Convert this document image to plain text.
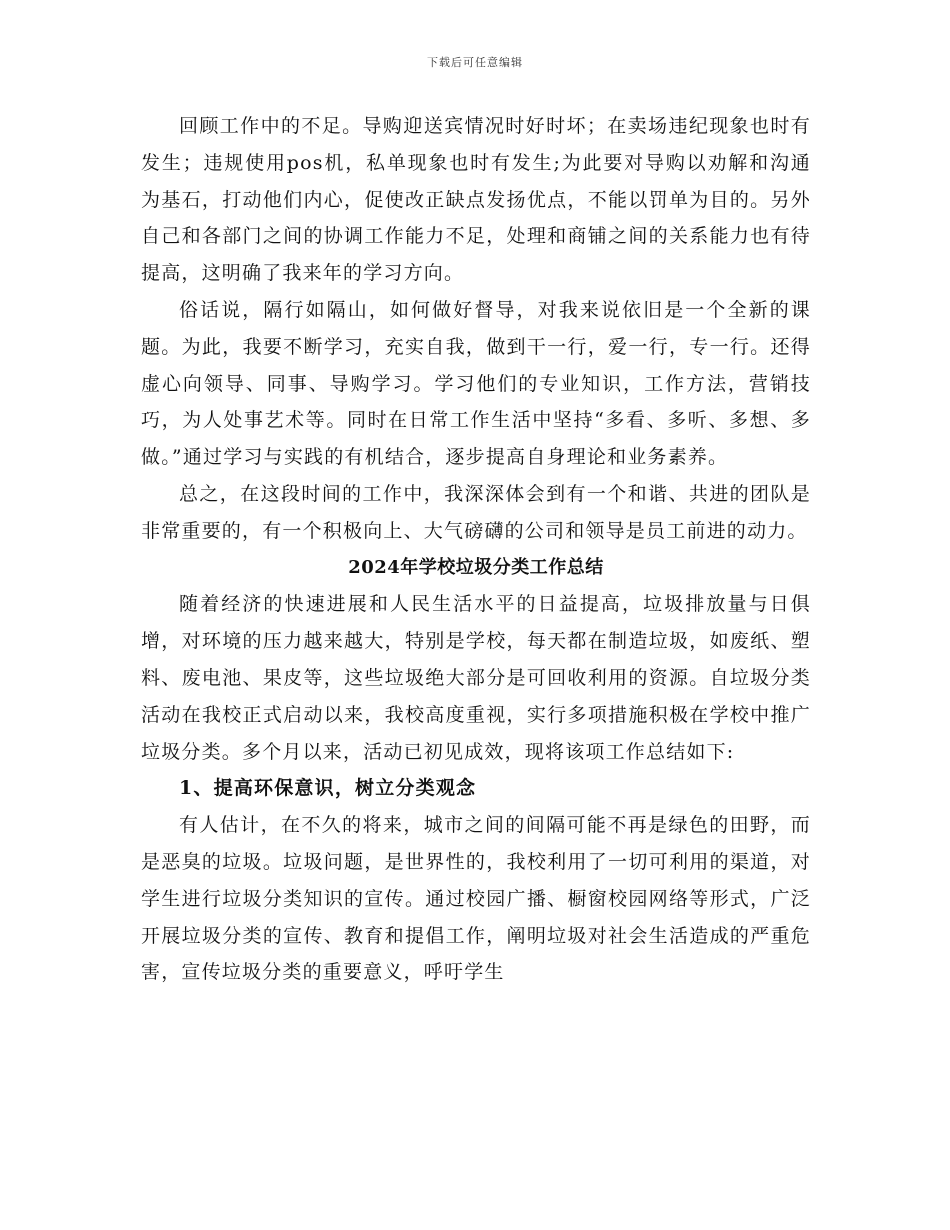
下载后可任意编辑

回顾工作中的不足。导购迎送宾情况时好时坏；在卖场违纪现象也时有发生；违规使用pos机，私单现象也时有发生;为此要对导购以劝解和沟通为基石，打动他们内心，促使改正缺点发扬优点，不能以罚单为目的。另外自己和各部门之间的协调工作能力不足，处理和商铺之间的关系能力也有待提高，这明确了我来年的学习方向。

俗话说，隔行如隔山，如何做好督导，对我来说依旧是一个全新的课题。为此，我要不断学习，充实自我，做到干一行，爱一行，专一行。还得虚心向领导、同事、导购学习。学习他们的专业知识，工作方法，营销技巧，为人处事艺术等。同时在日常工作生活中坚持“多看、多听、多想、多做。”通过学习与实践的有机结合，逐步提高自身理论和业务素养。

总之，在这段时间的工作中，我深深体会到有一个和谐、共进的团队是非常重要的，有一个积极向上、大气磅礴的公司和领导是员工前进的动力。

2024年学校垃圾分类工作总结

随着经济的快速进展和人民生活水平的日益提高，垃圾排放量与日俱增，对环境的压力越来越大，特别是学校，每天都在制造垃圾，如废纸、塑料、废电池、果皮等，这些垃圾绝大部分是可回收利用的资源。自垃圾分类活动在我校正式启动以来，我校高度重视，实行多项措施积极在学校中推广垃圾分类。多个月以来，活动已初见成效，现将该项工作总结如下:

1、提高环保意识，树立分类观念

有人估计，在不久的将来，城市之间的间隔可能不再是绿色的田野，而是恶臭的垃圾。垃圾问题，是世界性的，我校利用了一切可利用的渠道，对学生进行垃圾分类知识的宣传。通过校园广播、橱窗校园网络等形式，广泛开展垃圾分类的宣传、教育和提倡工作，阐明垃圾对社会生活造成的严重危害，宣传垃圾分类的重要意义，呼吁学生
